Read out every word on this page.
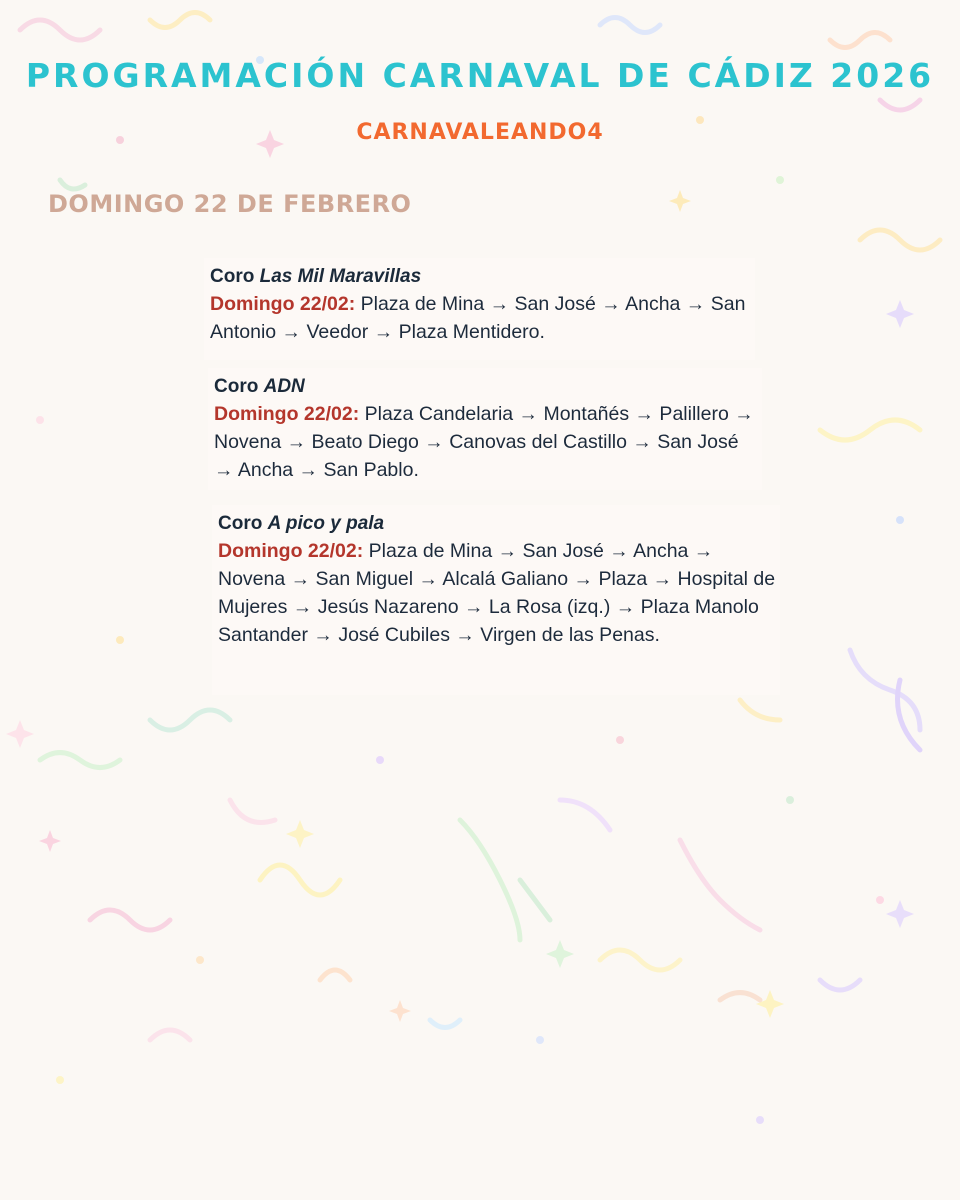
PROGRAMACIÓN CARNAVAL DE CÁDIZ 2026
CARNAVALEANDO4
DOMINGO 22 DE FEBRERO
Coro Las Mil Maravillas

Domingo 22/02: Plaza de Mina → San José → Ancha → San Antonio → Veedor → Plaza Mentidero.

Coro ADN

Domingo 22/02: Plaza Candelaria → Montañés → Palillero → Novena → Beato Diego → Canovas del Castillo → San José → Ancha → San Pablo.

Coro A pico y pala

Domingo 22/02: Plaza de Mina → San José → Ancha → Novena → San Miguel → Alcalá Galiano → Plaza → Hospital de Mujeres → Jesús Nazareno → La Rosa (izq.) → Plaza Manolo Santander → José Cubiles → Virgen de las Penas.
